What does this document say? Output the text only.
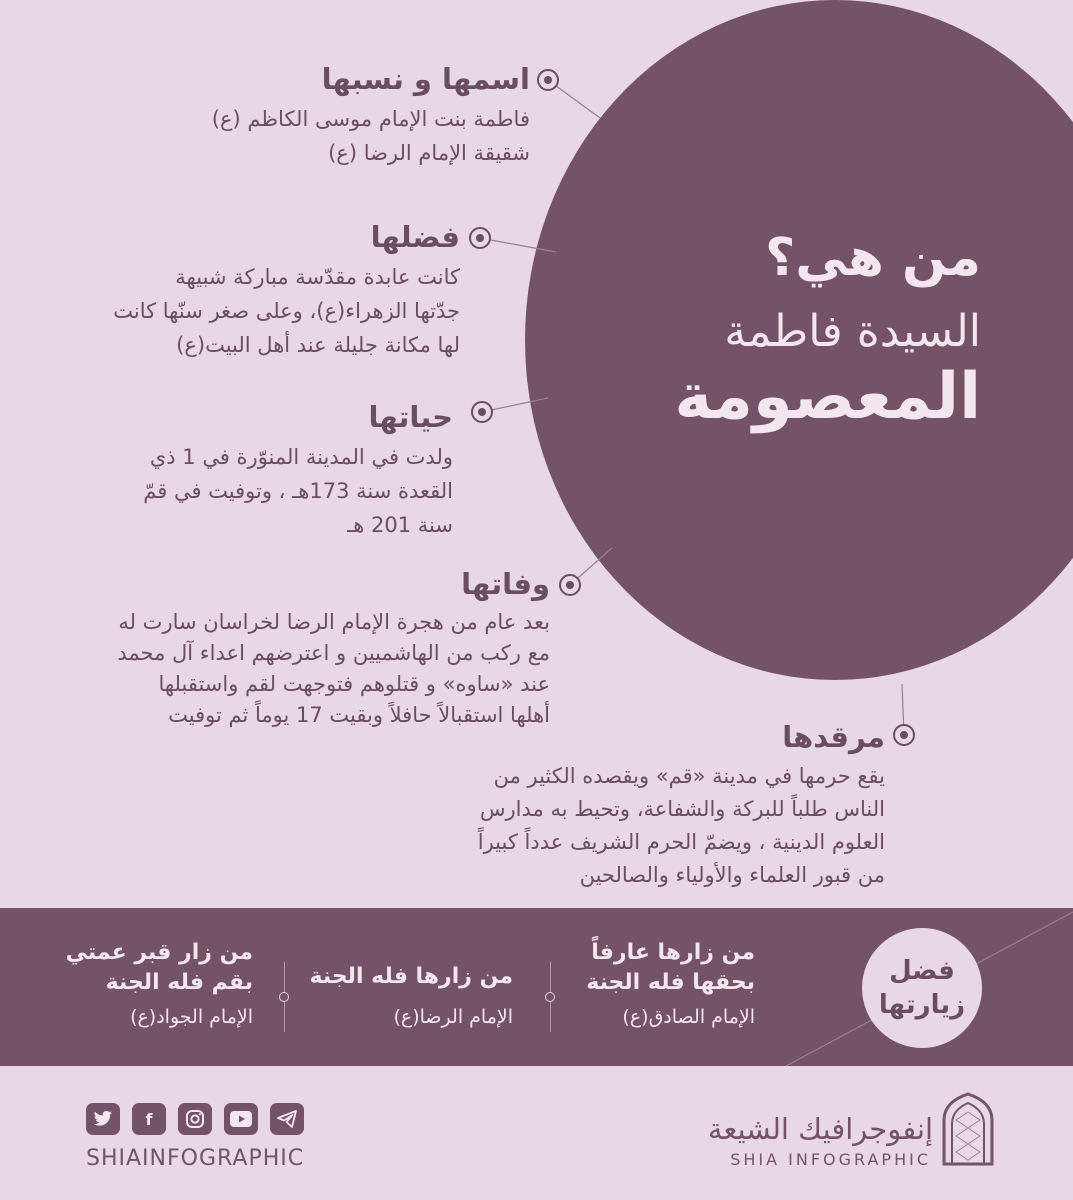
من هي؟
السيدة فاطمة
المعصومة
اسمها و نسبها

فاطمة بنت الإمام موسى الكاظم (ع)

شقيقة الإمام الرضا (ع)

فضلها

كانت عابدة مقدّسة مباركة شبيهة

جدّتها الزهراء(ع)، وعلى صغر سنّها كانت

لها مكانة جليلة عند أهل البيت(ع)

حياتها

ولدت في المدينة المنوّرة في 1 ذي

القعدة سنة 173هـ ، وتوفيت في قمّ

سنة 201 هـ

وفاتها

بعد عام من هجرة الإمام الرضا لخراسان سارت له

مع ركب من الهاشميين و اعترضهم اعداء آل محمد

عند «ساوه» و قتلوهم فتوجهت لقم واستقبلها

أهلها استقبالاً حافلاً وبقيت 17 يوماً ثم توفيت

مرقدها

يقع حرمها في مدينة «قم» ويقصده الكثير من

الناس طلباً للبركة والشفاعة، وتحيط به مدارس

العلوم الدينية ، ويضمّ الحرم الشريف عدداً كبيراً

من قبور العلماء والأولياء والصالحين

فضل
زيارتها
من زارها عارفاً
بحقها فله الجنة
الإمام الصادق(ع)
من زارها فله الجنة
الإمام الرضا(ع)
من زار قبر عمتي
بقم فله الجنة
الإمام الجواد(ع)
f
SHIAINFOGRAPHIC
إنفوجرافيك الشيعة
SHIA INFOGRAPHIC
